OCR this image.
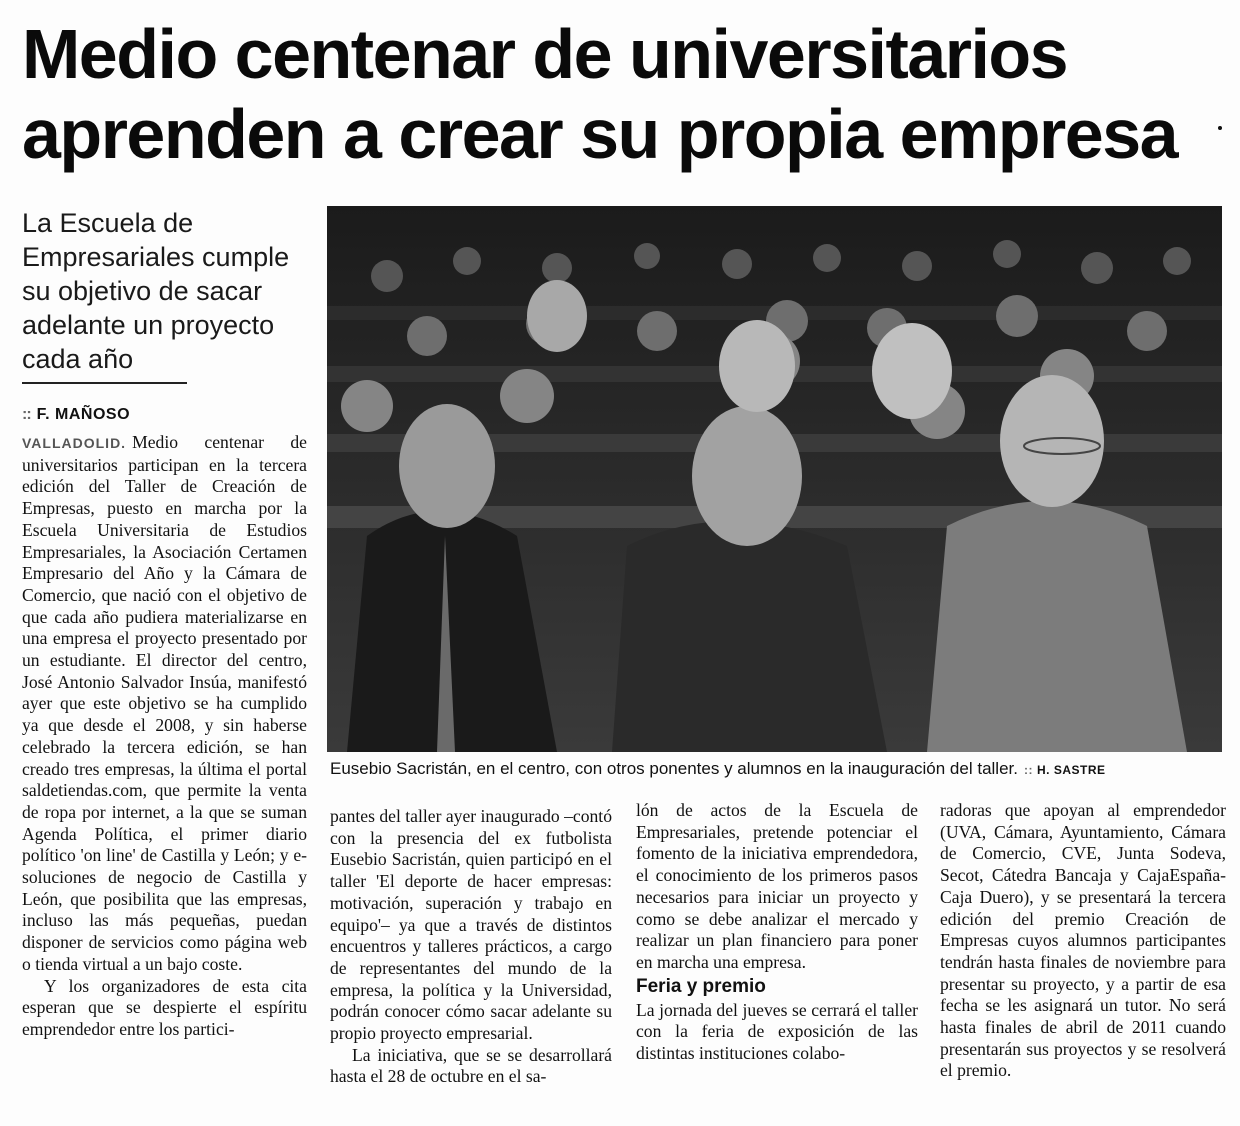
Medio centenar de universitarios
aprenden a crear su propia empresa
La Escuela de Empresariales cumple su objetivo de sacar adelante un proyecto cada año
:: F. MAÑOSO

VALLADOLID. Medio centenar de universitarios participan en la tercera edición del Taller de Creación de Empresas, puesto en marcha por la Escuela Universitaria de Estudios Empresariales, la Asociación Certamen Empresario del Año y la Cámara de Comercio, que nació con el objetivo de que cada año pudiera materializarse en una empresa el proyecto presentado por un estudiante. El director del centro, José Antonio Salvador Insúa, manifestó ayer que este objetivo se ha cumplido ya que desde el 2008, y sin haberse celebrado la tercera edición, se han creado tres empresas, la última el portal saldetiendas.com, que permite la venta de ropa por internet, a la que se suman Agenda Política, el primer diario político 'on line' de Castilla y León; y e-soluciones de negocio de Castilla y León, que posibilita que las empresas, incluso las más pequeñas, puedan disponer de servicios como página web o tienda virtual a un bajo coste.

Y los organizadores de esta cita esperan que se despierte el espíritu emprendedor entre los partici-

Eusebio Sacristán, en el centro, con otros ponentes y alumnos en la inauguración del taller. :: H. SASTRE

pantes del taller ayer inaugurado –contó con la presencia del ex futbolista Eusebio Sacristán, quien participó en el taller 'El deporte de hacer empresas: motivación, superación y trabajo en equipo'– ya que a través de distintos encuentros y talleres prácticos, a cargo de representantes del mundo de la empresa, la política y la Universidad, podrán conocer cómo sacar adelante su propio proyecto empresarial.

La iniciativa, que se se desarrollará hasta el 28 de octubre en el sa-

lón de actos de la Escuela de Empresariales, pretende potenciar el fomento de la iniciativa emprendedora, el conocimiento de los primeros pasos necesarios para iniciar un proyecto y como se debe analizar el mercado y realizar un plan financiero para poner en marcha una empresa.

Feria y premio

La jornada del jueves se cerrará el taller con la feria de exposición de las distintas instituciones colabo-

radoras que apoyan al emprendedor (UVA, Cámara, Ayuntamiento, Cámara de Comercio, CVE, Junta Sodeva, Secot, Cátedra Bancaja y CajaEspaña-Caja Duero), y se presentará la tercera edición del premio Creación de Empresas cuyos alumnos participantes tendrán hasta finales de noviembre para presentar su proyecto, y a partir de esa fecha se les asignará un tutor. No será hasta finales de abril de 2011 cuando presentarán sus proyectos y se resolverá el premio.
